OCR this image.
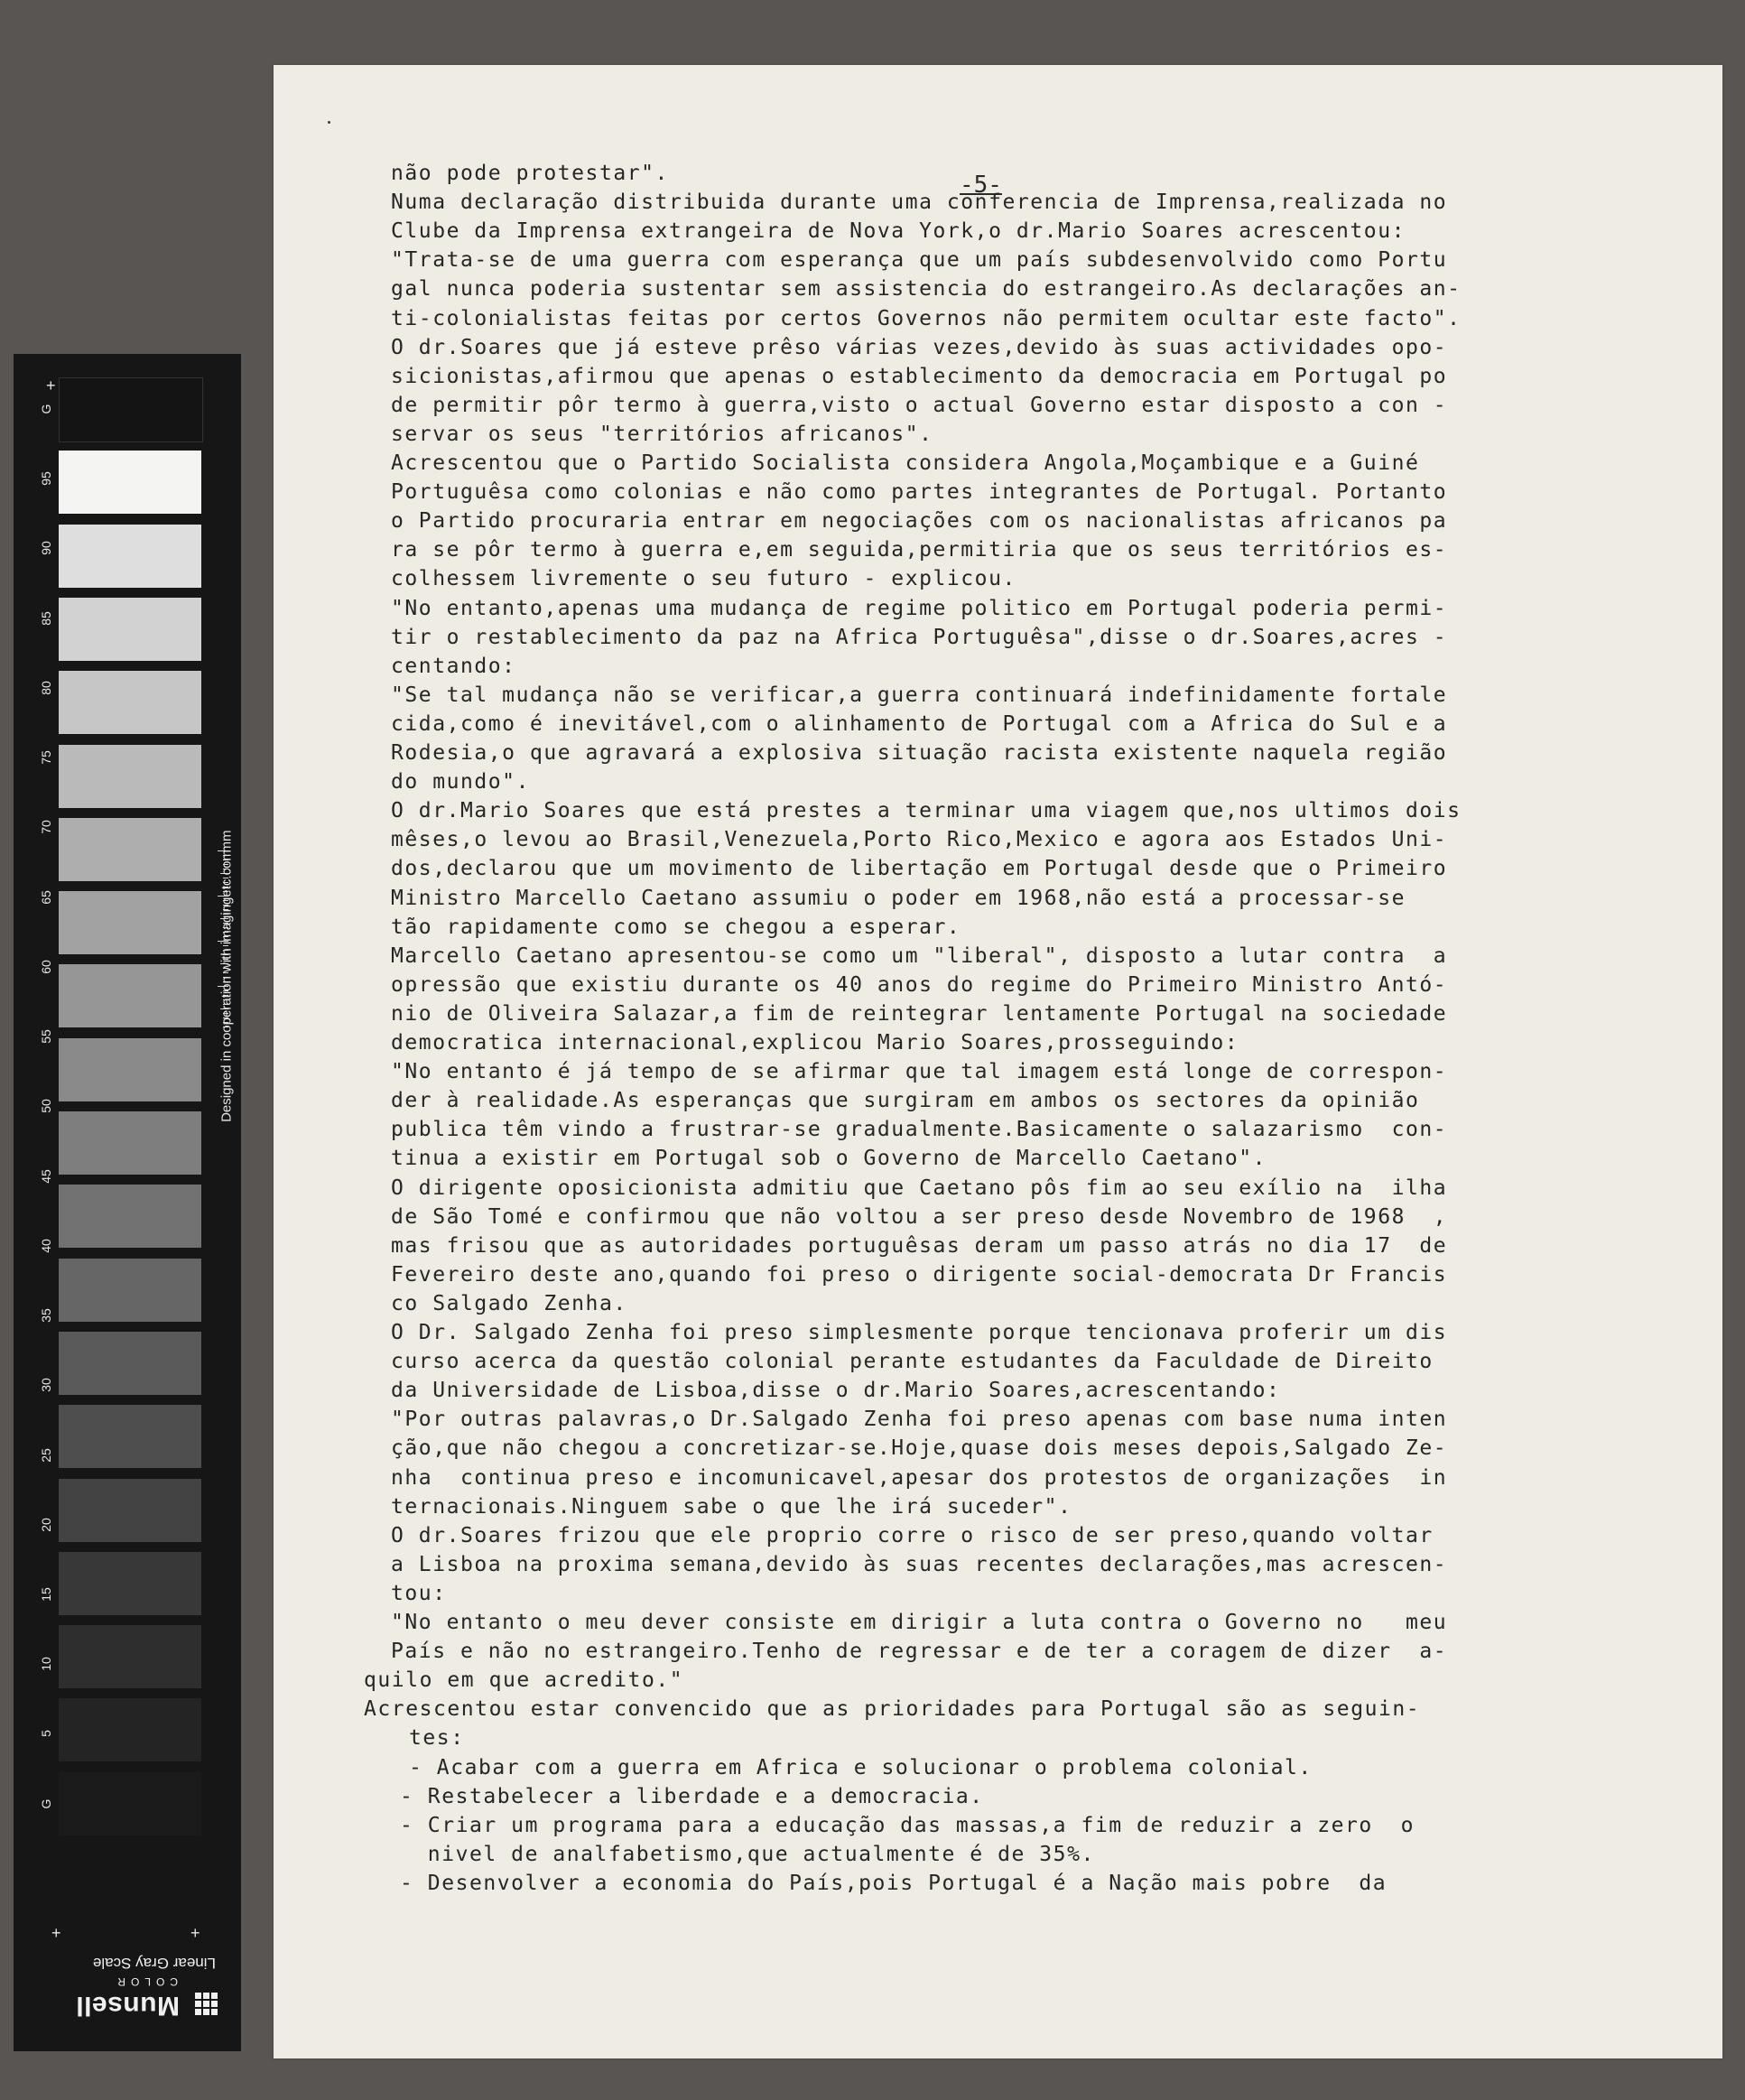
+
+	+
G
95
90
85
80
75
70
65
60
55
50
45
40
35
30
25
20
15
10
5
G
Designed in cooperation with imagingetc.com
mm
Munsell
COLOR
Linear Gray Scale

-5-

não pode protestar".

Numa declaração distribuida durante uma conferencia de Imprensa,realizada no

Clube da Imprensa extrangeira de Nova York,o dr.Mario Soares acrescentou:

"Trata-se de uma guerra com esperança que um país subdesenvolvido como Portu

gal nunca poderia sustentar sem assistencia do estrangeiro.As declarações an-

ti-colonialistas feitas por certos Governos não permitem ocultar este facto".

O dr.Soares que já esteve prêso várias vezes,devido às suas actividades opo-

sicionistas,afirmou que apenas o establecimento da democracia em Portugal po

de permitir pôr termo à guerra,visto o actual Governo estar disposto a con -

servar os seus "territórios africanos".

Acrescentou que o Partido Socialista considera Angola,Moçambique e a Guiné

Portuguêsa como colonias e não como partes integrantes de Portugal. Portanto

o Partido procuraria entrar em negociações com os nacionalistas africanos pa

ra se pôr termo à guerra e,em seguida,permitiria que os seus territórios es-

colhessem livremente o seu futuro - explicou.

"No entanto,apenas uma mudança de regime politico em Portugal poderia permi-

tir o restablecimento da paz na Africa Portuguêsa",disse o dr.Soares,acres -

centando:

"Se tal mudança não se verificar,a guerra continuará indefinidamente fortale

cida,como é inevitável,com o alinhamento de Portugal com a Africa do Sul e a

Rodesia,o que agravará a explosiva situação racista existente naquela região

do mundo".

O dr.Mario Soares que está prestes a terminar uma viagem que,nos ultimos dois

mêses,o levou ao Brasil,Venezuela,Porto Rico,Mexico e agora aos Estados Uni-

dos,declarou que um movimento de libertação em Portugal desde que o Primeiro

Ministro Marcello Caetano assumiu o poder em 1968,não está a processar-se

tão rapidamente como se chegou a esperar.

Marcello Caetano apresentou-se como um "liberal", disposto a lutar contra  a

opressão que existiu durante os 40 anos do regime do Primeiro Ministro Antó-

nio de Oliveira Salazar,a fim de reintegrar lentamente Portugal na sociedade

democratica internacional,explicou Mario Soares,prosseguindo:

"No entanto é já tempo de se afirmar que tal imagem está longe de correspon-

der à realidade.As esperanças que surgiram em ambos os sectores da opinião

publica têm vindo a frustrar-se gradualmente.Basicamente o salazarismo  con-

tinua a existir em Portugal sob o Governo de Marcello Caetano".

O dirigente oposicionista admitiu que Caetano pôs fim ao seu exílio na  ilha

de São Tomé e confirmou que não voltou a ser preso desde Novembro de 1968  ,

mas frisou que as autoridades portuguêsas deram um passo atrás no dia 17  de

Fevereiro deste ano,quando foi preso o dirigente social-democrata Dr Francis

co Salgado Zenha.

O Dr. Salgado Zenha foi preso simplesmente porque tencionava proferir um dis

curso acerca da questão colonial perante estudantes da Faculdade de Direito

da Universidade de Lisboa,disse o dr.Mario Soares,acrescentando:

"Por outras palavras,o Dr.Salgado Zenha foi preso apenas com base numa inten

ção,que não chegou a concretizar-se.Hoje,quase dois meses depois,Salgado Ze-

nha  continua preso e incomunicavel,apesar dos protestos de organizações  in

ternacionais.Ninguem sabe o que lhe irá suceder".

O dr.Soares frizou que ele proprio corre o risco de ser preso,quando voltar

a Lisboa na proxima semana,devido às suas recentes declarações,mas acrescen-

tou:

"No entanto o meu dever consiste em dirigir a luta contra o Governo no   meu

País e não no estrangeiro.Tenho de regressar e de ter a coragem de dizer  a-

quilo em que acredito."

Acrescentou estar convencido que as prioridades para Portugal são as seguin-

tes:

- Acabar com a guerra em Africa e solucionar o problema colonial.

- Restabelecer a liberdade e a democracia.

- Criar um programa para a educação das massas,a fim de reduzir a zero  o

nivel de analfabetismo,que actualmente é de 35%.

- Desenvolver a economia do País,pois Portugal é a Nação mais pobre  da
